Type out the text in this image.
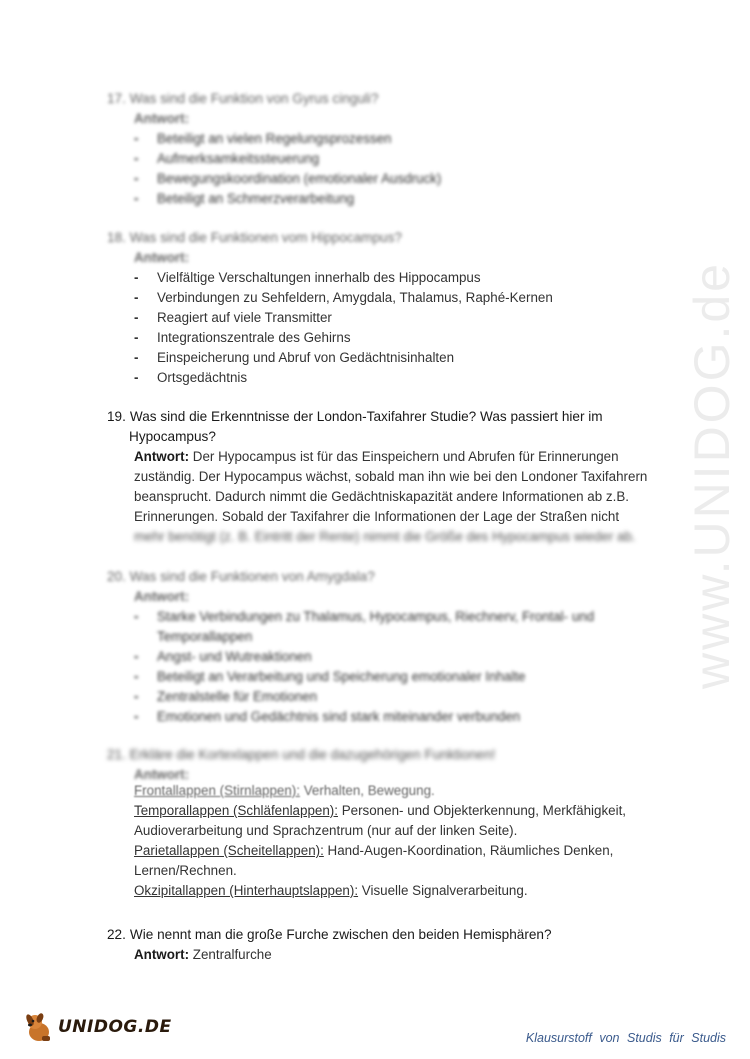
www.UNIDOG.de
17. Was sind die Funktion von Gyrus cinguli?
Antwort:
- Beteiligt an vielen Regelungsprozessen
- Aufmerksamkeitssteuerung
- Bewegungskoordination (emotionaler Ausdruck)
- Beteiligt an Schmerzverarbeitung
18. Was sind die Funktionen vom Hippocampus?
Antwort:
- Vielfältige Verschaltungen innerhalb des Hippocampus
- Verbindungen zu Sehfeldern, Amygdala, Thalamus, Raphé-Kernen
- Reagiert auf viele Transmitter
- Integrationszentrale des Gehirns
- Einspeicherung und Abruf von Gedächtnisinhalten
- Ortsgedächtnis
19. Was sind die Erkenntnisse der London-Taxifahrer Studie? Was passiert hier im Hypocampus?
Antwort: Der Hypocampus ist für das Einspeichern und Abrufen für Erinnerungen
zuständig. Der Hypocampus wächst, sobald man ihn wie bei den Londoner Taxifahrern
beansprucht. Dadurch nimmt die Gedächtniskapazität andere Informationen ab z.B.
Erinnerungen. Sobald der Taxifahrer die Informationen der Lage der Straßen nicht
mehr benötigt (z. B. Eintritt der Rente) nimmt die Größe des Hypocampus wieder ab.
20. Was sind die Funktionen von Amygdala?
Antwort:
- Starke Verbindungen zu Thalamus, Hypocampus, Riechnerv, Frontal- und Temporallappen
- Angst- und Wutreaktionen
- Beteiligt an Verarbeitung und Speicherung emotionaler Inhalte
- Zentralstelle für Emotionen
- Emotionen und Gedächtnis sind stark miteinander verbunden
21. Erkläre die Kortexlappen und die dazugehörigen Funktionen!
Antwort:
Frontallappen (Stirnlappen): Verhalten, Bewegung.
Temporallappen (Schläfenlappen): Personen- und Objekterkennung, Merkfähigkeit,
Audioverarbeitung und Sprachzentrum (nur auf der linken Seite).
Parietallappen (Scheitellappen): Hand-Augen-Koordination, Räumliches Denken,
Lernen/Rechnen.
Okzipitallappen (Hinterhauptslappen): Visuelle Signalverarbeitung.
22. Wie nennt man die große Furche zwischen den beiden Hemisphären?
Antwort: Zentralfurche
UNIDOG.DE
Klausurstoff von Studis für Studis
